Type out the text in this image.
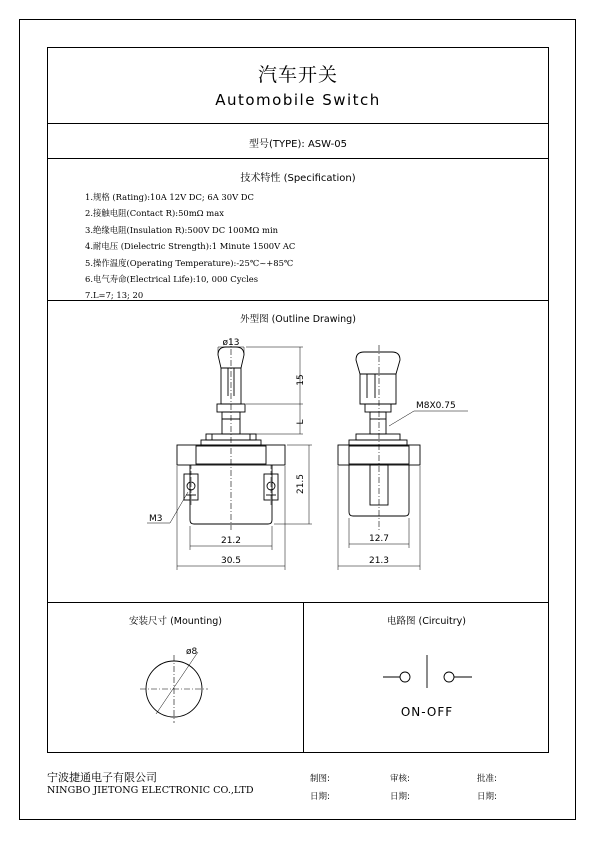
汽车开关
Automobile Switch
型号(TYPE): ASW-05
技术特性 (Specification)
1.规格 (Rating):10A 12V DC; 6A 30V DC
2.接触电阻(Contact R):50mΩ max
3.绝缘电阻(Insulation R):500V DC 100MΩ min
4.耐电压 (Dielectric Strength):1 Minute 1500V AC
5.操作温度(Operating Temperature):-25℃~+85℃
6.电气寿命(Electrical Life):10, 000 Cycles
7.L=7; 13; 20
外型图 (Outline Drawing)
安装尺寸 (Mounting)	电路图 (Circuitry)
ø13
15
L
21.5
21.2
30.5
M3
M8X0.75
12.7
21.3
ø8
ON-OFF
宁波捷通电子有限公司
NINGBO JIETONG ELECTRONIC CO.,LTD
制图:	审核:	批准:
日期:	日期:	日期:
